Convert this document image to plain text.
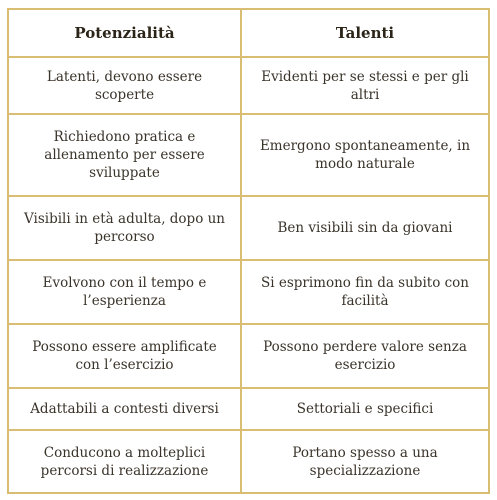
Potenzialità	Talenti
Latenti, devono essere scoperte	Evidenti per se stessi e per gli altri
Richiedono pratica e allenamento per essere sviluppate	Emergono spontaneamente, in modo naturale
Visibili in età adulta, dopo un percorso	Ben visibili sin da giovani
Evolvono con il tempo e l’esperienza	Si esprimono fin da subito con facilità
Possono essere amplificate con l’esercizio	Possono perdere valore senza esercizio
Adattabili a contesti diversi	Settoriali e specifici
Conducono a molteplici percorsi di realizzazione	Portano spesso a una specializzazione
